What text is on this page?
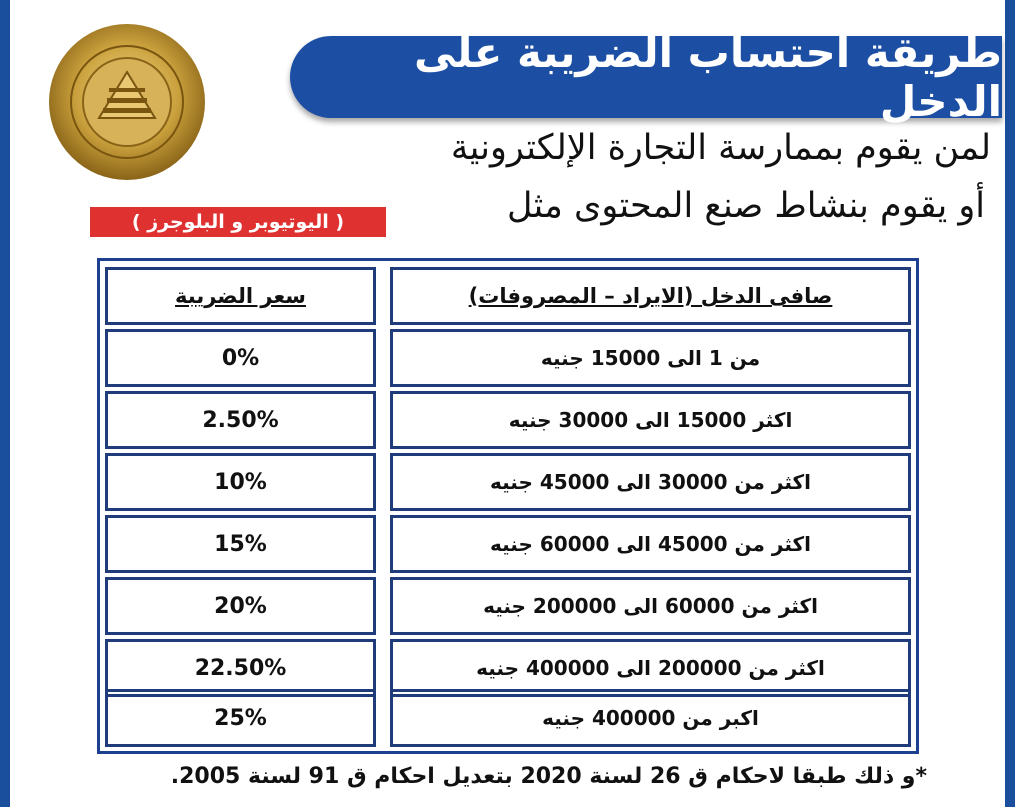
طريقة احتساب الضريبة على الدخل
لمن يقوم بممارسة التجارة الإلكترونية
أو يقوم بنشاط صنع المحتوى مثل
( اليوتيوبر و البلوجرز )
سعر الضريبة	صافى الدخل (الايراد – المصروفات)
0%	من 1 الى 15000 جنيه
2.50%	اكثر 15000 الى 30000 جنيه
10%	اكثر من 30000 الى 45000 جنيه
15%	اكثر من 45000 الى 60000 جنيه
20%	اكثر من 60000 الى 200000 جنيه
22.50%	اكثر من 200000 الى 400000 جنيه
25%	اكبر من 400000 جنيه
*و ذلك طبقا لاحكام ق 26 لسنة 2020 بتعديل احكام ق 91 لسنة 2005.
